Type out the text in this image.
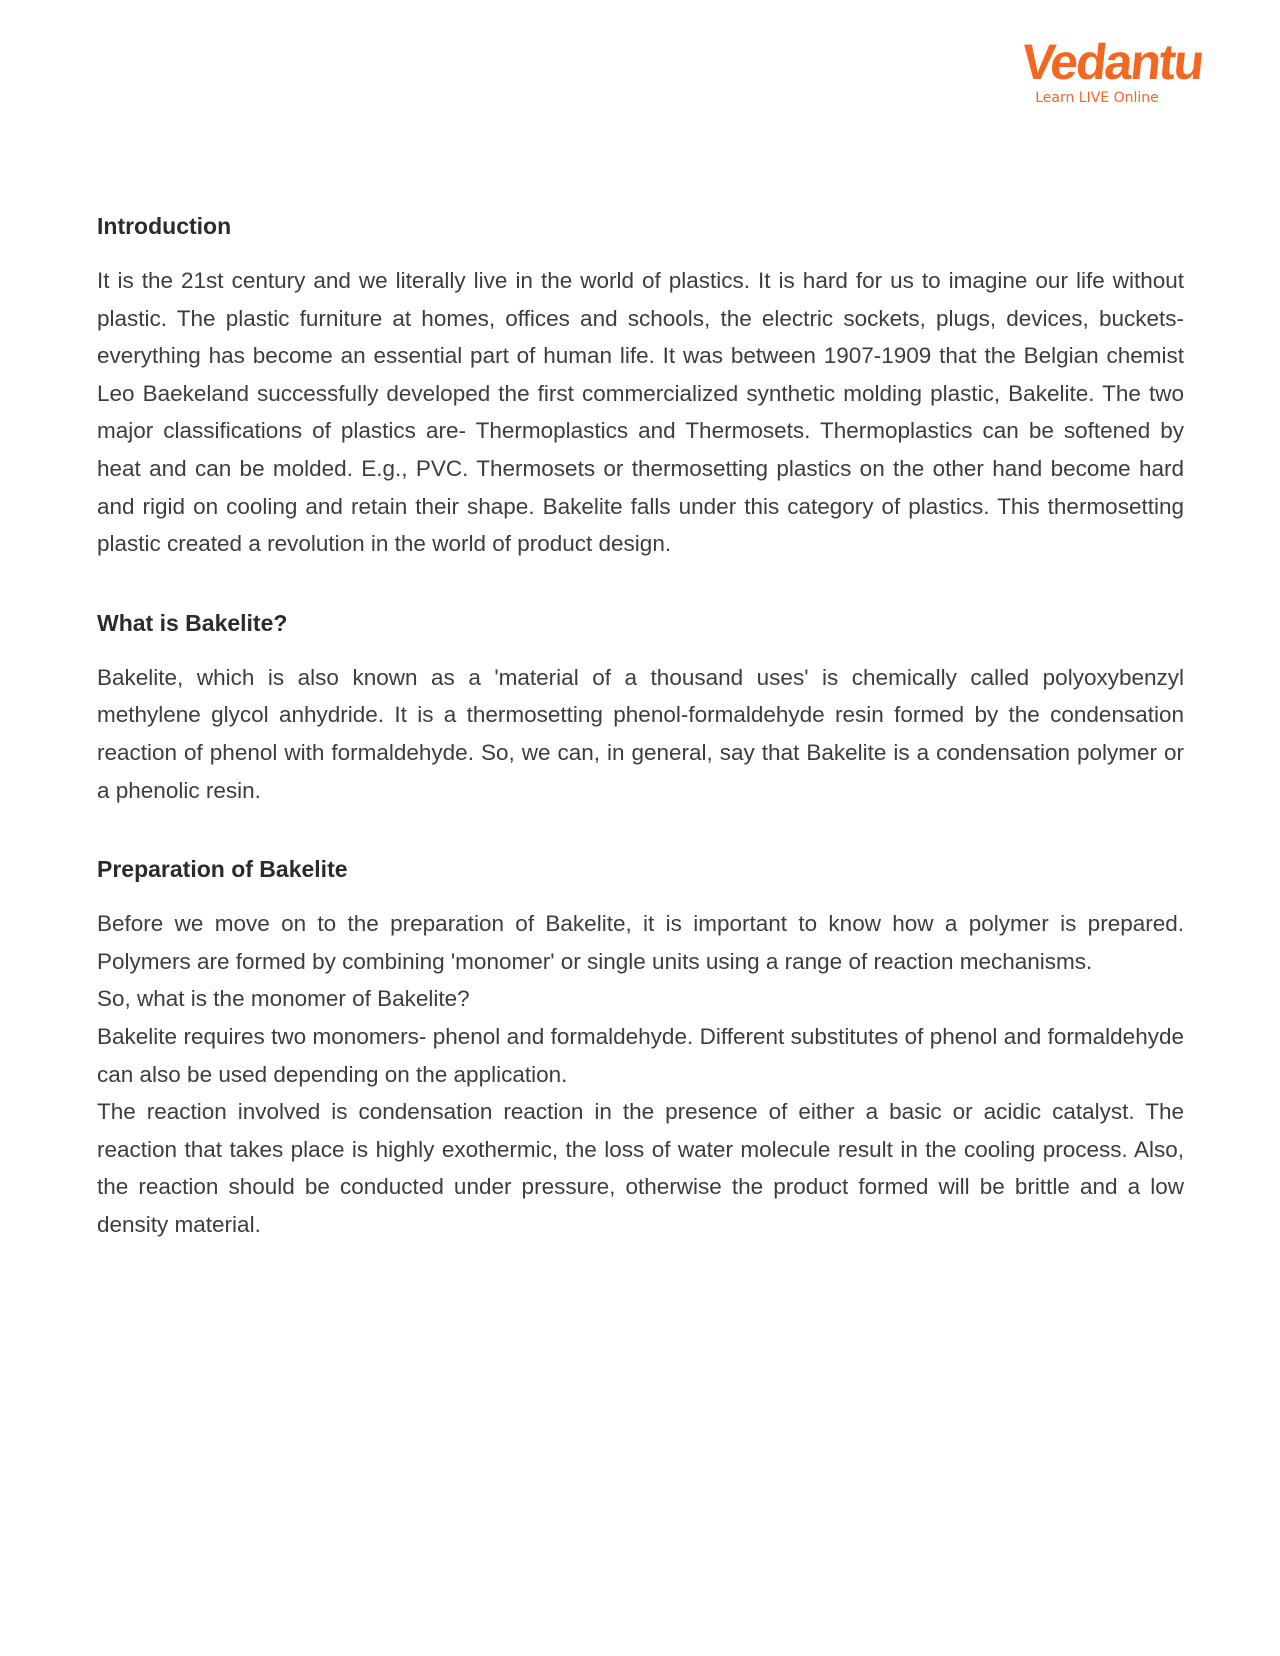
Vedantu
Learn LIVE Online
Introduction

It is the 21st century and we literally live in the world of plastics. It is hard for us to imagine our life without plastic. The plastic furniture at homes, offices and schools, the electric sockets, plugs, devices, buckets- everything has become an essential part of human life. It was between 1907-1909 that the Belgian chemist Leo Baekeland successfully developed the first commercialized synthetic molding plastic, Bakelite. The two major classifications of plastics are- Thermoplastics and Thermosets. Thermoplastics can be softened by heat and can be molded. E.g., PVC. Thermosets or thermosetting plastics on the other hand become hard and rigid on cooling and retain their shape. Bakelite falls under this category of plastics. This thermosetting plastic created a revolution in the world of product design.

What is Bakelite?

Bakelite, which is also known as a 'material of a thousand uses' is chemically called polyoxybenzyl methylene glycol anhydride. It is a thermosetting phenol-formaldehyde resin formed by the condensation reaction of phenol with formaldehyde. So, we can, in general, say that Bakelite is a condensation polymer or a phenolic resin.

Preparation of Bakelite

Before we move on to the preparation of Bakelite, it is important to know how a polymer is prepared. Polymers are formed by combining 'monomer' or single units using a range of reaction mechanisms.

So, what is the monomer of Bakelite?

Bakelite requires two monomers- phenol and formaldehyde. Different substitutes of phenol and formaldehyde can also be used depending on the application.

The reaction involved is condensation reaction in the presence of either a basic or acidic catalyst. The reaction that takes place is highly exothermic, the loss of water molecule result in the cooling process. Also, the reaction should be conducted under pressure, otherwise the product formed will be brittle and a low density material.
